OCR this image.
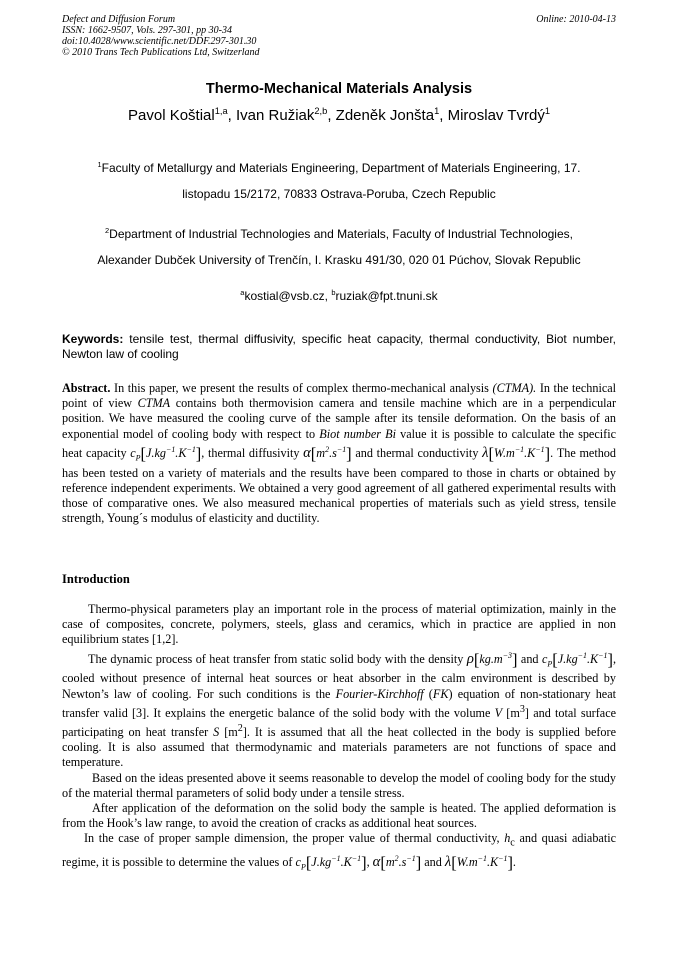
Defect and Diffusion Forum
ISSN: 1662-9507, Vols. 297-301, pp 30-34
doi:10.4028/www.scientific.net/DDF.297-301.30
© 2010 Trans Tech Publications Ltd, Switzerland
Online: 2010-04-13
Thermo-Mechanical Materials Analysis
Pavol Koštial$^{1,a}$, Ivan Ružiak$^{2,b}$, Zdeněk Jonšta$^1$, Miroslav Tvrdý$^1$
$^1$Faculty of Metallurgy and Materials Engineering, Department of Materials Engineering, 17.
listopadu 15/2172, 70833 Ostrava-Poruba, Czech Republic
$^2$Department of Industrial Technologies and Materials, Faculty of Industrial Technologies,
Alexander Dubček University of Trenčín, I. Krasku 491/30, 020 01 Púchov, Slovak Republic
$^a$kostial@vsb.cz, $^b$ruziak@fpt.tnuni.sk
Keywords: tensile test, thermal diffusivity, specific heat capacity, thermal conductivity, Biot number, Newton law of cooling

Abstract. In this paper, we present the results of complex thermo-mechanical analysis (CTMA). In the technical point of view CTMA contains both thermovision camera and tensile machine which are in a perpendicular position. We have measured the cooling curve of the sample after its tensile deformation. On the basis of an exponential model of cooling body with respect to Biot number Bi value it is possible to calculate the specific heat capacity $c_P[J.kg^{-1}.K^{-1}]$, thermal diffusivity $\alpha[m^2.s^{-1}]$ and thermal conductivity $\lambda[W.m^{-1}.K^{-1}]$. The method has been tested on a variety of materials and the results have been compared to those in charts or obtained by reference independent experiments. We obtained a very good agreement of all gathered experimental results with those of comparative ones. We also measured mechanical properties of materials such as yield stress, tensile strength, Young´s modulus of elasticity and ductility.

Introduction

Thermo-physical parameters play an important role in the process of material optimization, mainly in the case of composites, concrete, polymers, steels, glass and ceramics, which in practice are applied in non equilibrium states [1,2].

The dynamic process of heat transfer from static solid body with the density $\rho[kg.m^{-3}]$ and $c_P[J.kg^{-1}.K^{-1}]$, cooled without presence of internal heat sources or heat absorber in the calm environment is described by Newton’s law of cooling. For such conditions is the Fourier-Kirchhoff (FK) equation of non-stationary heat transfer valid [3]. It explains the energetic balance of the solid body with the volume V $[m^3]$ and total surface participating on heat transfer S $[m^2]$. It is assumed that all the heat collected in the body is supplied before cooling. It is also assumed that thermodynamic and materials parameters are not functions of space and temperature.

Based on the ideas presented above it seems reasonable to develop the model of cooling body for the study of the material thermal parameters of solid body under a tensile stress.

After application of the deformation on the solid body the sample is heated. The applied deformation is from the Hook’s law range, to avoid the creation of cracks as additional heat sources.

In the case of proper sample dimension, the proper value of thermal conductivity, $h_c$ and quasi adiabatic regime, it is possible to determine the values of $c_P[J.kg^{-1}.K^{-1}]$, $\alpha[m^2.s^{-1}]$ and $\lambda[W.m^{-1}.K^{-1}]$.
